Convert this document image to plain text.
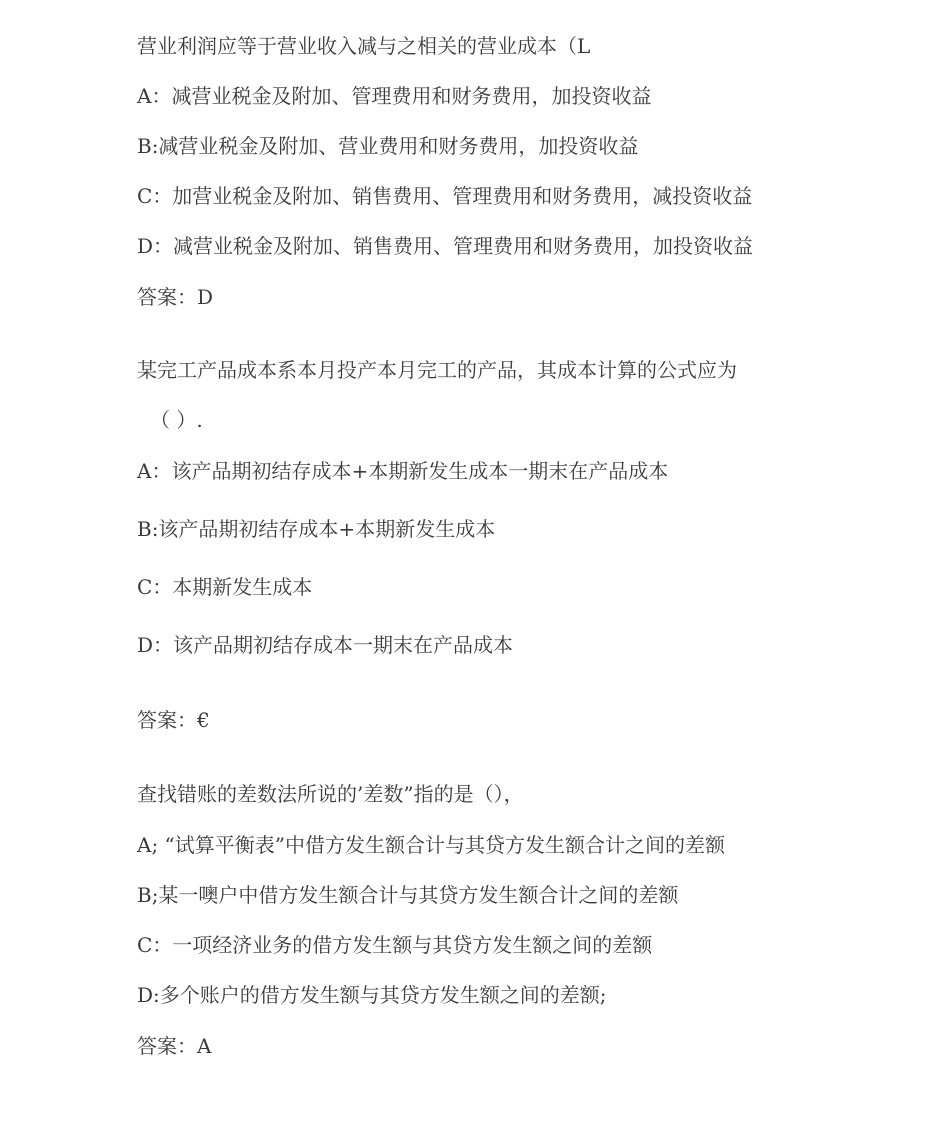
营业利润应等于营业收入减与之相关的营业成本（L
A：减营业税金及附加、管理费用和财务费用，加投资收益
B:减营业税金及附加、营业费用和财务费用，加投资收益
C：加营业税金及附加、销售费用、管理费用和财务费用，减投资收益
D：减营业税金及附加、销售费用、管理费用和财务费用，加投资收益
答案：D
某完工产品成本系本月投产本月完工的产品，其成本计算的公式应为
（ ）.
A：该产品期初结存成本+本期新发生成本一期末在产品成本
B:该产品期初结存成本+本期新发生成本
C：本期新发生成本
D：该产品期初结存成本一期末在产品成本
答案：€
查找错账的差数法所说的’差数”指的是（），
A; “试算平衡表”中借方发生额合计与其贷方发生额合计之间的差额
B;某一噢户中借方发生额合计与其贷方发生额合计之间的差额
C：一项经济业务的借方发生额与其贷方发生额之间的差额
D:多个账户的借方发生额与其贷方发生额之间的差额;
答案：A
